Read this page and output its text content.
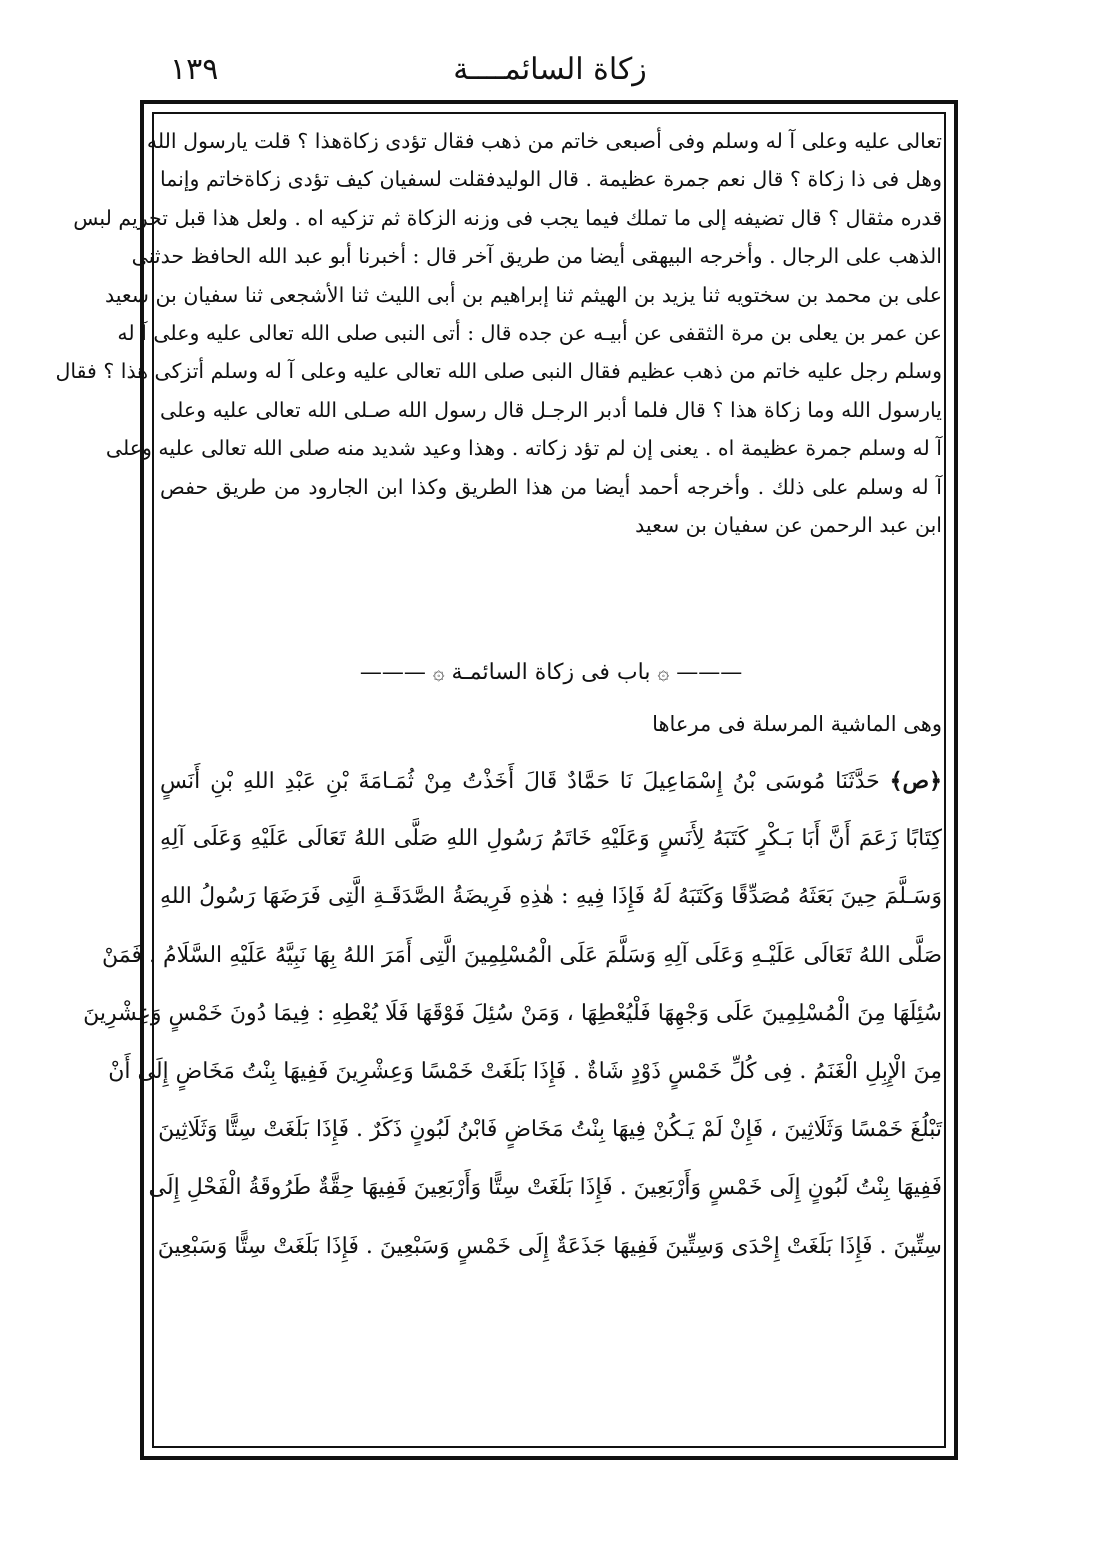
١٣٩	زكاة السائمــــة
تعالى عليه وعلى آ له وسلم وفى أصبعى خاتم من ذهب فقال تؤدى زكاةهذا ؟ قلت يارسول الله
وهل فى ذا زكاة ؟ قال نعم جمرة عظيمة . قال الوليدفقلت لسفيان كيف تؤدى زكاةخاتم وإنما
قدره مثقال ؟ قال تضيفه إلى ما تملك فيما يجب فى وزنه الزكاة ثم تزكيه اه . ولعل هذا قبل تحريم لبس
الذهب على الرجال . وأخرجه البيهقى أيضا من طريق آخر قال : أخبرنا أبو عبد الله الحافظ حدثنى
على بن محمد بن سختويه ثنا يزيد بن الهيثم ثنا إبراهيم بن أبى الليث ثنا الأشجعى ثنا سفيان بن سعيد
عن عمر بن يعلى بن مرة الثقفى عن أبيـه عن جده قال : أتى النبى صلى الله تعالى عليه وعلى آ له
وسلم رجل عليه خاتم من ذهب عظيم فقال النبى صلى الله تعالى عليه وعلى آ له وسلم أتزكى هذا ؟ فقال
يارسول الله وما زكاة هذا ؟ قال فلما أدبر الرجـل قال رسول الله صـلى الله تعالى عليه وعلى
آ له وسلم جمرة عظيمة اه . يعنى إن لم تؤد زكاته . وهذا وعيد شديد منه صلى الله تعالى عليه وعلى
آ له وسلم على ذلك . وأخرجه أحمد أيضا من هذا الطريق وكذا ابن الجارود من طريق حفص
ابن عبد الرحمن عن سفيان بن سعيد
——— ۞ باب فى زكاة السائمـة ۞ ———
وهى الماشية المرسلة فى مرعاها
﴿ص﴾ حَدَّثَنَا مُوسَى بْنُ إِسْمَاعِيلَ نَا حَمَّادٌ قَالَ أَخَذْتُ مِنْ ثُمَـامَةَ بْنِ عَبْدِ اللهِ بْنِ أَنَسٍ
كِتَابًا زَعَمَ أَنَّ أَبَا بَـكْرٍ كَتَبَهُ لِأَنَسٍ وَعَلَيْهِ خَاتَمُ رَسُولِ اللهِ صَلَّى اللهُ تَعَالَى عَلَيْهِ وَعَلَى آلِهِ
وَسَـلَّمَ حِينَ بَعَثَهُ مُصَدِّقًا وَكَتَبَهُ لَهُ فَإِذَا فِيهِ : هٰذِهِ فَرِيضَةُ الصَّدَقَـةِ الَّتِى فَرَضَهَا رَسُولُ اللهِ
صَلَّى اللهُ تَعَالَى عَلَيْـهِ وَعَلَى آلِهِ وَسَلَّمَ عَلَى الْمُسْلِمِينَ الَّتِى أَمَرَ اللهُ بِهَا نَبِيَّهُ عَلَيْهِ السَّلَامُ . فَمَنْ
سُئِلَهَا مِنَ الْمُسْلِمِينَ عَلَى وَجْهِهَا فَلْيُعْطِهَا ، وَمَنْ سُئِلَ فَوْقَهَا فَلَا يُعْطِهِ : فِيمَا دُونَ خَمْسٍ وَعِشْرِينَ
مِنَ الْإِبِلِ الْغَنَمُ . فِى كُلِّ خَمْسٍ ذَوْدٍ شَاةٌ . فَإِذَا بَلَغَتْ خَمْسًا وَعِشْرِينَ فَفِيهَا بِنْتُ مَخَاضٍ إِلَى أَنْ
تَبْلُغَ خَمْسًا وَثَلَاثِينَ ، فَإِنْ لَمْ يَـكُنْ فِيهَا بِنْتُ مَخَاضٍ فَابْنُ لَبُونٍ ذَكَرٌ . فَإِذَا بَلَغَتْ سِتًّا وَثَلَاثِينَ
فَفِيهَا بِنْتُ لَبُونٍ إِلَى خَمْسٍ وَأَرْبَعِينَ . فَإِذَا بَلَغَتْ سِتًّا وَأَرْبَعِينَ فَفِيهَا حِقَّةٌ طَرُوقَةُ الْفَحْلِ إِلَى
سِتِّينَ . فَإِذَا بَلَغَتْ إِحْدَى وَسِتِّينَ فَفِيهَا جَذَعَةٌ إِلَى خَمْسٍ وَسَبْعِينَ . فَإِذَا بَلَغَتْ سِتًّا وَسَبْعِينَ
